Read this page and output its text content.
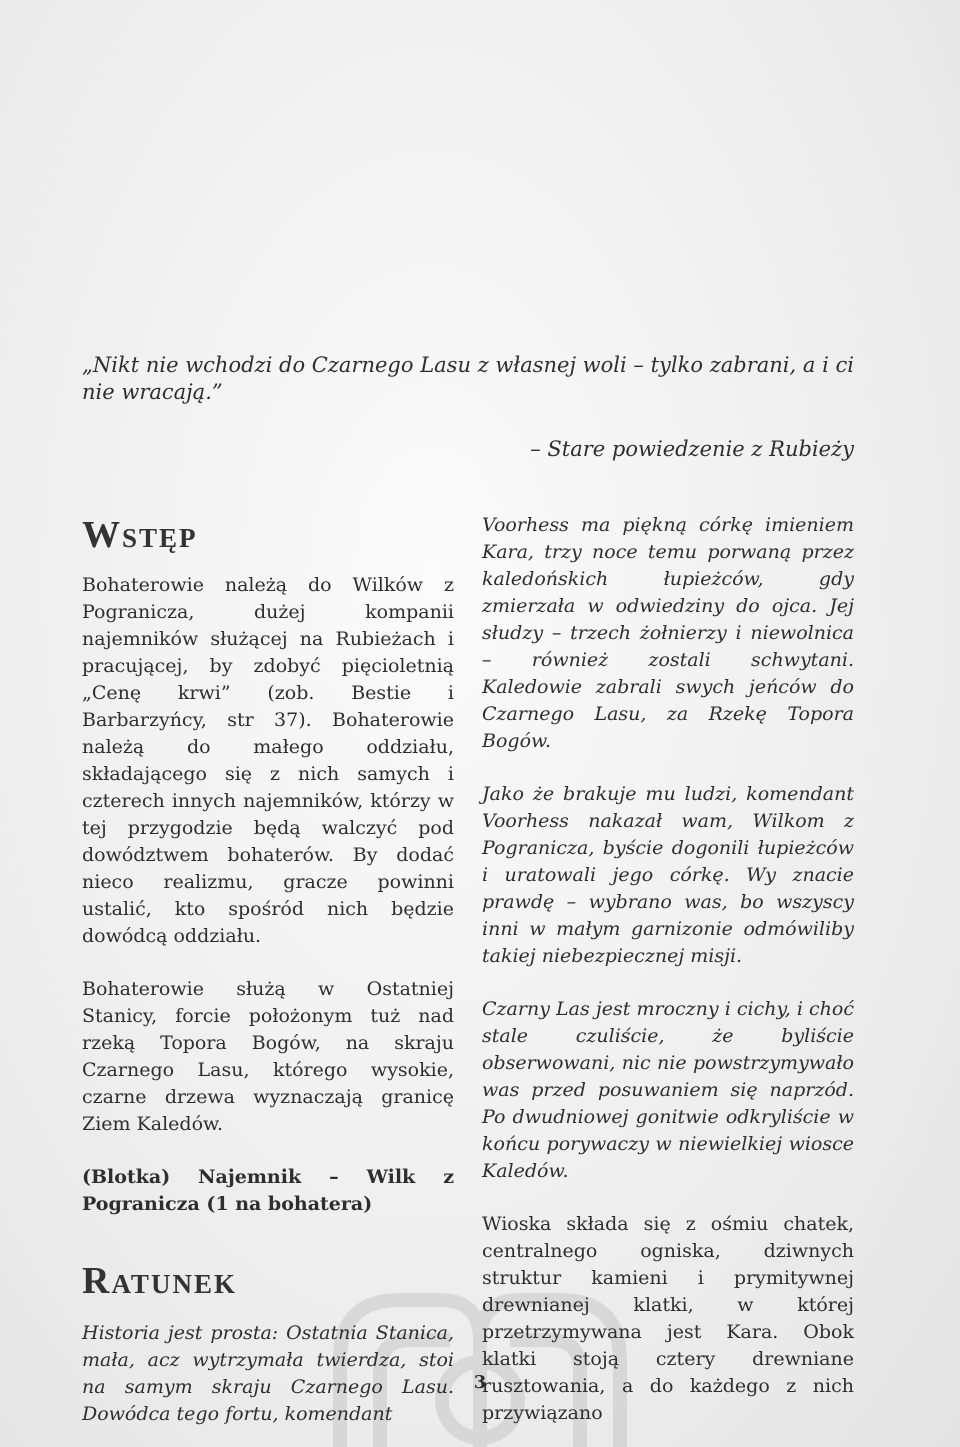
„Nikt nie wchodzi do Czarnego Lasu z własnej woli – tylko zabrani, a i ci nie wracają.”
– Stare powiedzenie z Rubieży
Wstęp

Bohaterowie należą do Wilków z Pogranicza, dużej kompanii najemników służącej na Rubieżach i pracującej, by zdobyć pięcioletnią „Cenę krwi” (zob. Bestie i Barbarzyńcy, str 37). Bohaterowie należą do małego oddziału, składającego się z nich samych i czterech innych najemników, którzy w tej przygodzie będą walczyć pod dowództwem bohaterów. By dodać nieco realizmu, gracze powinni ustalić, kto spośród nich będzie dowódcą oddziału.

Bohaterowie służą w Ostatniej Stanicy, forcie położonym tuż nad rzeką Topora Bogów, na skraju Czarnego Lasu, którego wysokie, czarne drzewa wyznaczają granicę Ziem Kaledów.

(Blotka) Najemnik – Wilk z Pogranicza (1 na bohatera)

Ratunek

Historia jest prosta: Ostatnia Stanica, mała, acz wytrzymała twierdza, stoi na samym skraju Czarnego Lasu. Dowódca tego fortu, komendant

Voorhess ma piękną córkę imieniem Kara, trzy noce temu porwaną przez kaledońskich łupieżców, gdy zmierzała w odwiedziny do ojca. Jej słudzy – trzech żołnierzy i niewolnica – również zostali schwytani. Kaledowie zabrali swych jeńców do Czarnego Lasu, za Rzekę Topora Bogów.

Jako że brakuje mu ludzi, komendant Voorhess nakazał wam, Wilkom z Pogranicza, byście dogonili łupieżców i uratowali jego córkę. Wy znacie prawdę – wybrano was, bo wszyscy inni w małym garnizonie odmówiliby takiej niebezpiecznej misji.

Czarny Las jest mroczny i cichy, i choć stale czuliście, że byliście obserwowani, nic nie powstrzymywało was przed posuwaniem się naprzód. Po dwudniowej gonitwie odkryliście w końcu porywaczy w niewielkiej wiosce Kaledów.

Wioska składa się z ośmiu chatek, centralnego ogniska, dziwnych struktur kamieni i prymitywnej drewnianej klatki, w której przetrzymywana jest Kara. Obok klatki stoją cztery drewniane rusztowania, a do każdego z nich przywiązano

3
